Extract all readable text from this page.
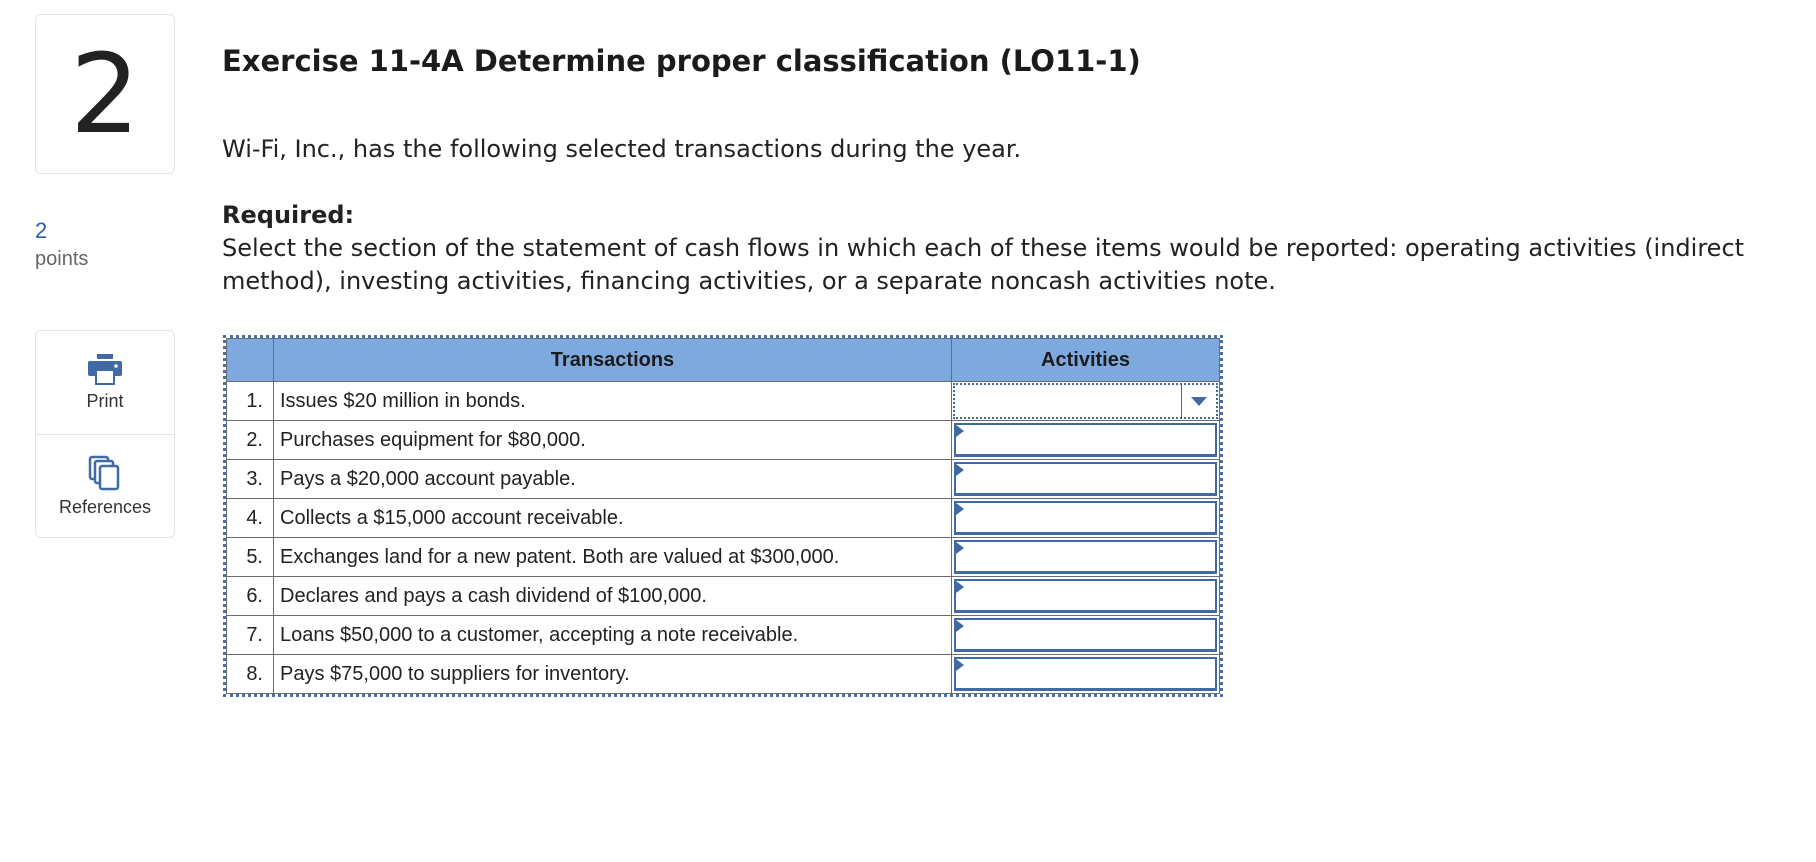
2
2
points
Print
References
Exercise 11-4A Determine proper classification (LO11-1)

Wi-Fi, Inc., has the following selected transactions during the year.

Required:

Select the section of the statement of cash flows in which each of these items would be reported: operating activities (indirect method), investing activities, financing activities, or a separate noncash activities note.

	Transactions	Activities
1.	Issues $20 million in bonds.	

2.	Purchases equipment for $80,000.	

3.	Pays a $20,000 account payable.	

4.	Collects a $15,000 account receivable.	

5.	Exchanges land for a new patent. Both are valued at $300,000.	

6.	Declares and pays a cash dividend of $100,000.	

7.	Loans $50,000 to a customer, accepting a note receivable.	

8.	Pays $75,000 to suppliers for inventory.	
